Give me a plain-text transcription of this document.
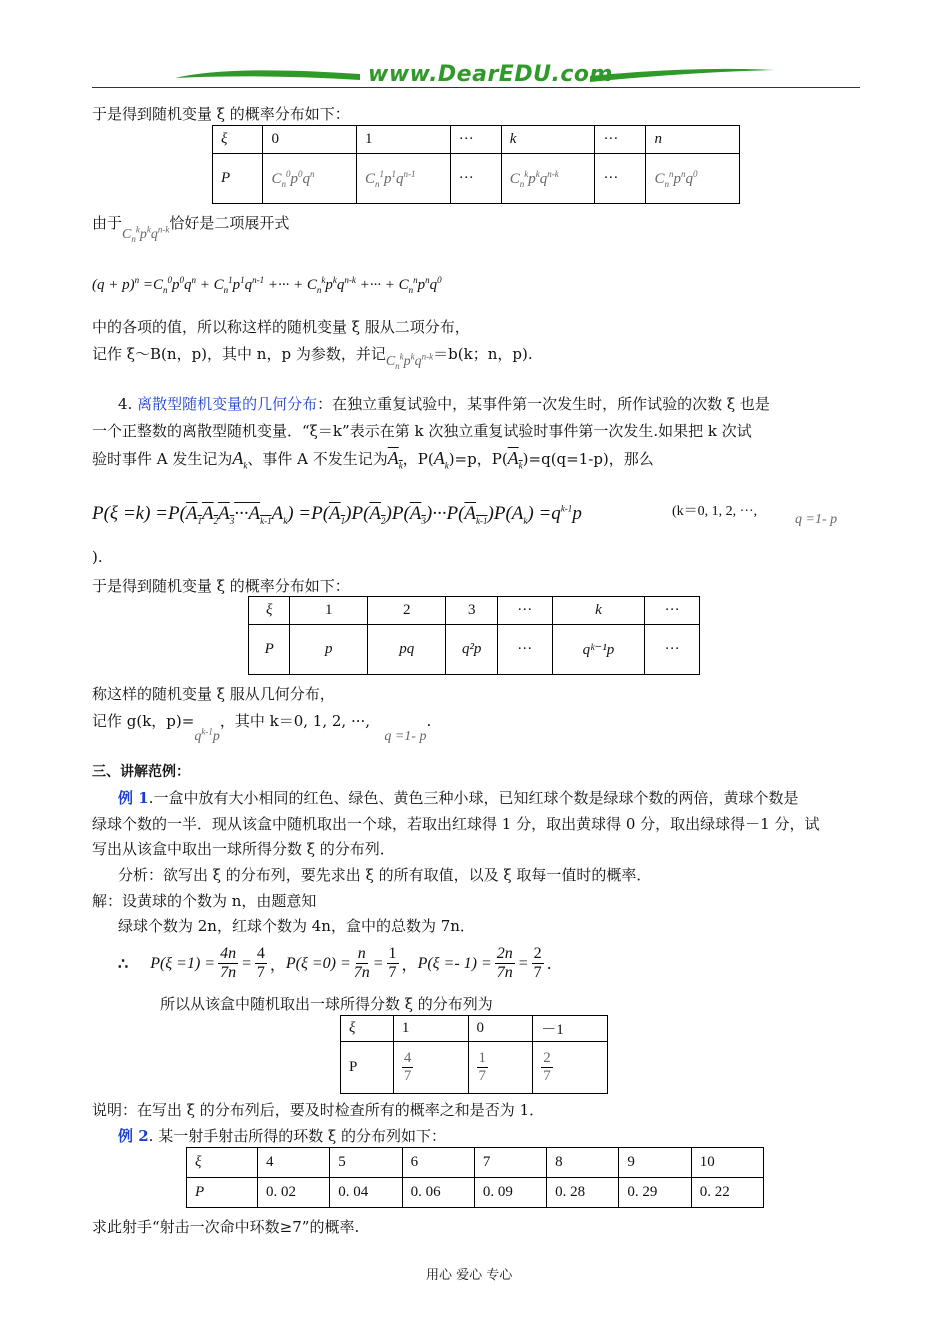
www.DearEDU.com
于是得到随机变量 ξ 的概率分布如下：
ξ	0	1	···	k	···	n
P	$C_n^0p^0q^n$	$C_n^1p^1q^{n-1}$	···	$C_n^kp^kq^{n-k}$	···	$C_n^np^nq^0$
由于$C_n^kp^kq^{n-k}$恰好是二项展开式
$(q + p)^n =C_n^0p^0q^n + C_n^1p^1q^{n-1}$ +··· + $C_n^kp^kq^{n-k}$ +··· + $C_n^np^nq^0$
中的各项的值，所以称这样的随机变量 ξ 服从二项分布，
记作 ξ～B(n，p)，其中 n，p 为参数，并记$C_n^kp^kq^{n-k}=b(k$；n，p).
4. 离散型随机变量的几何分布：在独立重复试验中，某事件第一次发生时，所作试验的次数 ξ 也是
一个正整数的离散型随机变量．“ξ＝k”表示在第 k 次独立重复试验时事件第一次发生.如果把 k 次试
验时事件 A 发生记为$A_k$、事件 A 不发生记为$A_k$，$P(A_k)=p$，$P(A_k)=q(q=1-p)$，那么
$P(\xi =k) =P(A_1A_2A_3\cdot\cdot\cdot A_{k-1}A_k) =P(A_1)P(A_2)P(A_3)\cdot\cdot\cdot P(A_{k-1})P(A_k) =q^{k-1}p$	(k＝0, 1, 2, ···,
q =1- p
).
于是得到随机变量 ξ 的概率分布如下：
ξ	1	2	3	···	k	···
P	p	pq	q²p	···	qᵏ⁻¹p	···
称这样的随机变量 ξ 服从几何分布，
记作 g(k，$p)=q^{k-1}p$，其中 k＝0, 1, 2, ···,   q =1- p.
三、讲解范例：
例 1.一盒中放有大小相同的红色、绿色、黄色三种小球，已知红球个数是绿球个数的两倍，黄球个数是
绿球个数的一半．现从该盒中随机取出一个球，若取出红球得 1 分，取出黄球得 0 分，取出绿球得－1 分，试
写出从该盒中取出一球所得分数 ξ 的分布列．
分析：欲写出 ξ 的分布列，要先求出 ξ 的所有取值，以及 ξ 取每一值时的概率．
解：设黄球的个数为 n，由题意知
绿球个数为 2n，红球个数为 4n，盒中的总数为 7n．
∴ $P(\xi =1) = \frac{4n}{7n} = \frac{4}{7}$ ， $P(\xi =0) = \frac{n}{7n} = \frac{1}{7}$ ， $P(\xi =- 1) = \frac{2n}{7n} = \frac{2}{7}$ .
所以从该盒中随机取出一球所得分数 ξ 的分布列为
ξ	1	0	－1
P	$\frac{4}{7}$	$\frac{1}{7}$	$\frac{2}{7}$
说明：在写出 ξ 的分布列后，要及时检查所有的概率之和是否为 1．
例 2. 某一射手射击所得的环数 ξ 的分布列如下：
ξ	4	5	6	7	8	9	10
P	0. 02	0. 04	0. 06	0. 09	0. 28	0. 29	0. 22
求此射手“射击一次命中环数≥7”的概率.
用心 爱心 专心
